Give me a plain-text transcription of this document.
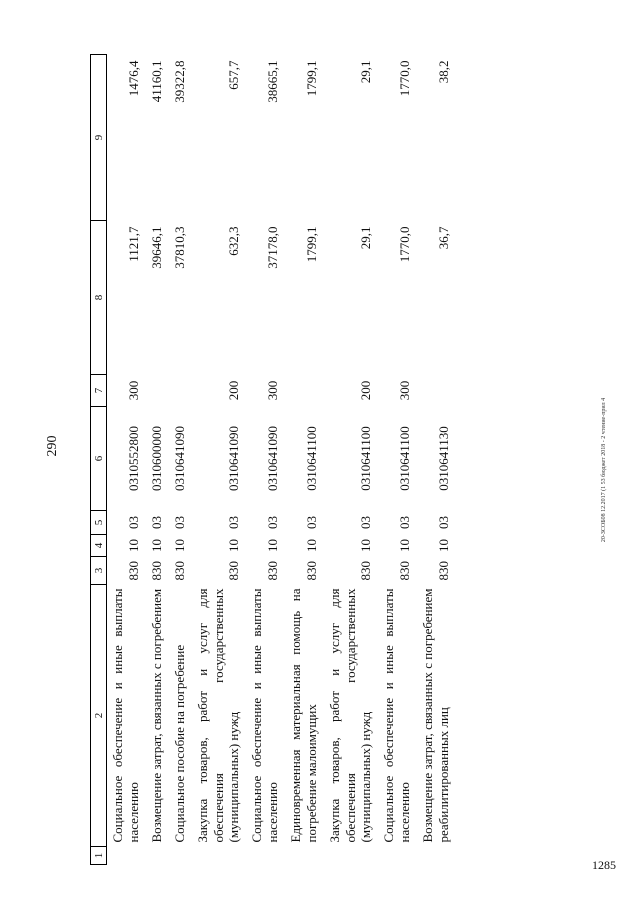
290	20-ЗСОБ08 12.2017 (1 53 бюджет 2018 - 2 чтение-прил 4
1285
1	2	3	4	5	6	7	8	9
	Социальное обеспечение и иные выплаты населению	830	10	03	0310552800	300	1121,7	1476,4
	Возмещение затрат, связанных с погребением	830	10	03	0310600000		39646,1	41160,1
	Социальное пособие на погребение	830	10	03	0310641090		37810,3	39322,8
	Закупка товаров, работ и услуг для обеспечения государственных (муниципальных) нужд	830	10	03	0310641090	200	632,3	657,7
	Социальное обеспечение и иные выплаты населению	830	10	03	0310641090	300	37178,0	38665,1
	Единовременная материальная помощь на погребение малоимущих	830	10	03	0310641100		1799,1	1799,1
	Закупка товаров, работ и услуг для обеспечения государственных (муниципальных) нужд	830	10	03	0310641100	200	29,1	29,1
	Социальное обеспечение и иные выплаты населению	830	10	03	0310641100	300	1770,0	1770,0
	Возмещение затрат, связанных с погребением реабилитированных лиц	830	10	03	0310641130		36,7	38,2
